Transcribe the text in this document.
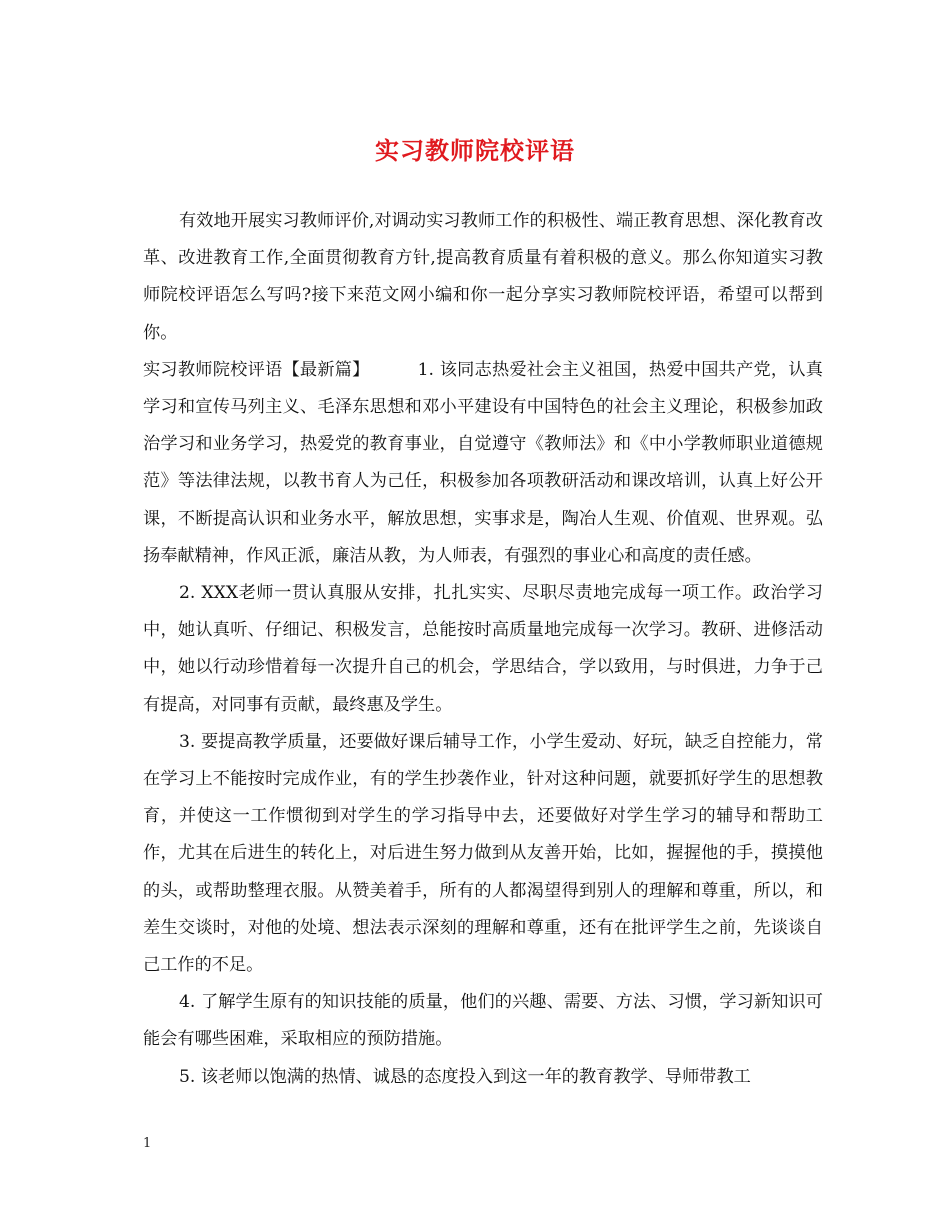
实习教师院校评语

有效地开展实习教师评价,对调动实习教师工作的积极性、端正教育思想、深化教育改革、改进教育工作,全面贯彻教育方针,提高教育质量有着积极的意义。那么你知道实习教师院校评语怎么写吗?接下来范文网小编和你一起分享实习教师院校评语，希望可以帮到你。

实习教师院校评语【最新篇】	1. 该同志热爱社会主义祖国，热爱中国共产党，认真学习和宣传马列主义、毛泽东思想和邓小平建设有中国特色的社会主义理论，积极参加政治学习和业务学习，热爱党的教育事业，自觉遵守《教师法》和《中小学教师职业道德规范》等法律法规，以教书育人为己任，积极参加各项教研活动和课改培训，认真上好公开课，不断提高认识和业务水平，解放思想，实事求是，陶冶人生观、价值观、世界观。弘扬奉献精神，作风正派，廉洁从教，为人师表，有强烈的事业心和高度的责任感。

2. XXX老师一贯认真服从安排，扎扎实实、尽职尽责地完成每一项工作。政治学习中，她认真听、仔细记、积极发言，总能按时高质量地完成每一次学习。教研、进修活动中，她以行动珍惜着每一次提升自己的机会，学思结合，学以致用，与时俱进，力争于己有提高，对同事有贡献，最终惠及学生。

3. 要提高教学质量，还要做好课后辅导工作，小学生爱动、好玩，缺乏自控能力，常在学习上不能按时完成作业，有的学生抄袭作业，针对这种问题，就要抓好学生的思想教育，并使这一工作惯彻到对学生的学习指导中去，还要做好对学生学习的辅导和帮助工作，尤其在后进生的转化上，对后进生努力做到从友善开始，比如，握握他的手，摸摸他的头，或帮助整理衣服。从赞美着手，所有的人都渴望得到别人的理解和尊重，所以，和差生交谈时，对他的处境、想法表示深刻的理解和尊重，还有在批评学生之前，先谈谈自己工作的不足。

4. 了解学生原有的知识技能的质量，他们的兴趣、需要、方法、习惯，学习新知识可能会有哪些困难，采取相应的预防措施。

5. 该老师以饱满的热情、诚恳的态度投入到这一年的教育教学、导师带教工

1
